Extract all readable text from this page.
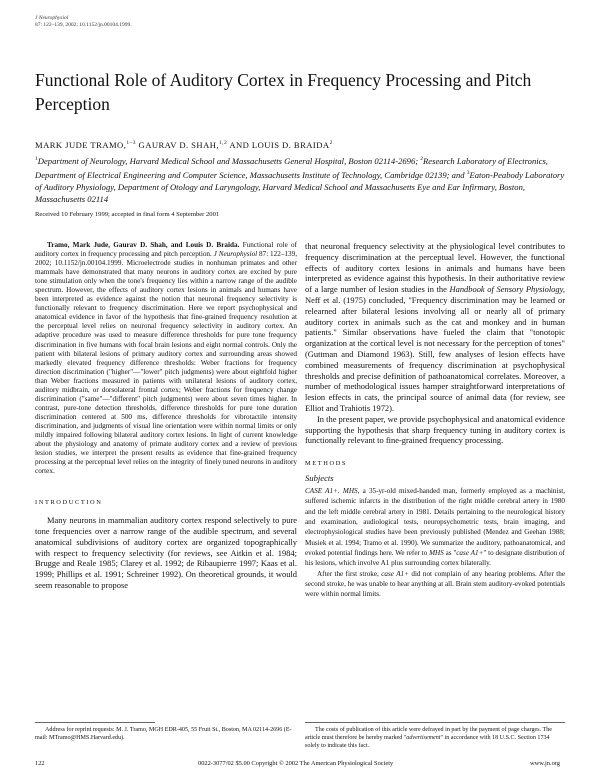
J Neurophysiol
87: 122–139, 2002; 10.1152/jn.00104.1999.
Functional Role of Auditory Cortex in Frequency Processing and Pitch Perception
MARK JUDE TRAMO,$^{1-3}$ GAURAV D. SHAH,$^{1,2}$ AND LOUIS D. BRAIDA$^2$
$^1$Department of Neurology, Harvard Medical School and Massachusetts General Hospital, Boston 02114-2696; $^2$Research Laboratory of Electronics, Department of Electrical Engineering and Computer Science, Massachusetts Institute of Technology, Cambridge 02139; and $^3$Eaton-Peabody Laboratory of Auditory Physiology, Department of Otology and Laryngology, Harvard Medical School and Massachusetts Eye and Ear Infirmary, Boston, Massachusetts 02114
Received 10 February 1999; accepted in final form 4 September 2001

Tramo, Mark Jude, Gaurav D. Shah, and Louis D. Braida. Functional role of auditory cortex in frequency processing and pitch perception. J Neurophysiol 87: 122–139, 2002; 10.1152/jn.00104.1999. Microelectrode studies in nonhuman primates and other mammals have demonstrated that many neurons in auditory cortex are excited by pure tone stimulation only when the tone's frequency lies within a narrow range of the audible spectrum. However, the effects of auditory cortex lesions in animals and humans have been interpreted as evidence against the notion that neuronal frequency selectivity is functionally relevant to frequency discrimination. Here we report psychophysical and anatomical evidence in favor of the hypothesis that fine-grained frequency resolution at the perceptual level relies on neuronal frequency selectivity in auditory cortex. An adaptive procedure was used to measure difference thresholds for pure tone frequency discrimination in five humans with focal brain lesions and eight normal controls. Only the patient with bilateral lesions of primary auditory cortex and surrounding areas showed markedly elevated frequency difference thresholds: Weber fractions for frequency direction discrimination ("higher"—"lower" pitch judgments) were about eightfold higher than Weber fractions measured in patients with unilateral lesions of auditory cortex, auditory midbrain, or dorsolateral frontal cortex; Weber fractions for frequency change discrimination ("same"—"different" pitch judgments) were about seven times higher. In contrast, pure-tone detection thresholds, difference thresholds for pure tone duration discrimination centered at 500 ms, difference thresholds for vibrotactile intensity discrimination, and judgments of visual line orientation were within normal limits or only mildly impaired following bilateral auditory cortex lesions. In light of current knowledge about the physiology and anatomy of primate auditory cortex and a review of previous lesion studies, we interpret the present results as evidence that fine-grained frequency processing at the perceptual level relies on the integrity of finely tuned neurons in auditory cortex.

INTRODUCTION

Many neurons in mammalian auditory cortex respond selectively to pure tone frequencies over a narrow range of the audible spectrum, and several anatomical subdivisions of auditory cortex are organized topographically with respect to frequency selectivity (for reviews, see Aitkin et al. 1984; Brugge and Reale 1985; Clarey et al. 1992; de Ribaupierre 1997; Kaas et al. 1999; Phillips et al. 1991; Schreiner 1992). On theoretical grounds, it would seem reasonable to propose

that neuronal frequency selectivity at the physiological level contributes to frequency discrimination at the perceptual level. However, the functional effects of auditory cortex lesions in animals and humans have been interpreted as evidence against this hypothesis. In their authoritative review of a large number of lesion studies in the Handbook of Sensory Physiology, Neff et al. (1975) concluded, "Frequency discrimination may be learned or relearned after bilateral lesions involving all or nearly all of primary auditory cortex in animals such as the cat and monkey and in human patients." Similar observations have fueled the claim that "tonotopic organization at the cortical level is not necessary for the perception of tones" (Guttman and Diamond 1963). Still, few analyses of lesion effects have combined measurements of frequency discrimination at psychophysical thresholds and precise definition of pathoanatomical correlates. Moreover, a number of methodological issues hamper straightforward interpretations of lesion effects in cats, the principal source of animal data (for review, see Elliot and Trahiotis 1972).

In the present paper, we provide psychophysical and anatomical evidence supporting the hypothesis that sharp frequency tuning in auditory cortex is functionally relevant to fine-grained frequency processing.

METHODS

Subjects

CASE A1+. MHS, a 35-yr-old mixed-handed man, formerly employed as a machinist, suffered ischemic infarcts in the distribution of the right middle cerebral artery in 1980 and the left middle cerebral artery in 1981. Details pertaining to the neurological history and examination, audiological tests, neuropsychometric tests, brain imaging, and electrophysiological studies have been previously published (Mendez and Geehan 1988; Musiek et al. 1994; Tramo et al. 1990). We summarize the auditory, pathoanatomical, and evoked potential findings here. We refer to MHS as "case A1+" to designate distribution of his lesions, which involve A1 plus surrounding cortex bilaterally.

After the first stroke, case A1+ did not complain of any hearing problems. After the second stroke, he was unable to hear anything at all. Brain stem auditory-evoked potentials were within normal limits.

Address for reprint requests: M. J. Tramo, MGH EDR-405, 55 Fruit St., Boston, MA 02114-2696 (E-mail: MTramo@HMS.Harvard.edu).

The costs of publication of this article were defrayed in part by the payment of page charges. The article must therefore be hereby marked "advertisement" in accordance with 18 U.S.C. Section 1734 solely to indicate this fact.

122	0022-3077/02 $5.00 Copyright © 2002 The American Physiological Society	www.jn.org
